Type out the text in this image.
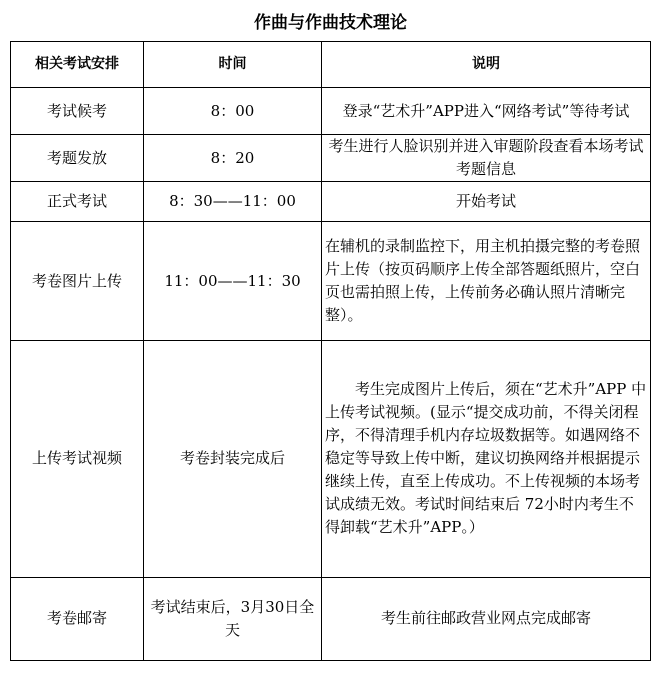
作曲与作曲技术理论
相关考试安排	时间	说明
考试候考	8：00	登录“艺术升”APP进入“网络考试”等待考试
考题发放	8：20	考生进行人脸识别并进入审题阶段查看本场考试考题信息
正式考试	8：30——11：00	开始考试
考卷图片上传	11：00——11：30	在辅机的录制监控下，用主机拍摄完整的考卷照片上传（按页码顺序上传全部答题纸照片，空白页也需拍照上传，上传前务必确认照片清晰完整）。
上传考试视频	考卷封装完成后	考生完成图片上传后，须在“艺术升”APP 中上传考试视频。(显示“提交成功前，不得关闭程序，不得清理手机内存垃圾数据等。如遇网络不稳定等导致上传中断，建议切换网络并根据提示继续上传，直至上传成功。不上传视频的本场考试成绩无效。考试时间结束后 72小时内考生不得卸载“艺术升”APP。）

考卷邮寄	考试结束后，3月30日全天	考生前往邮政营业网点完成邮寄
